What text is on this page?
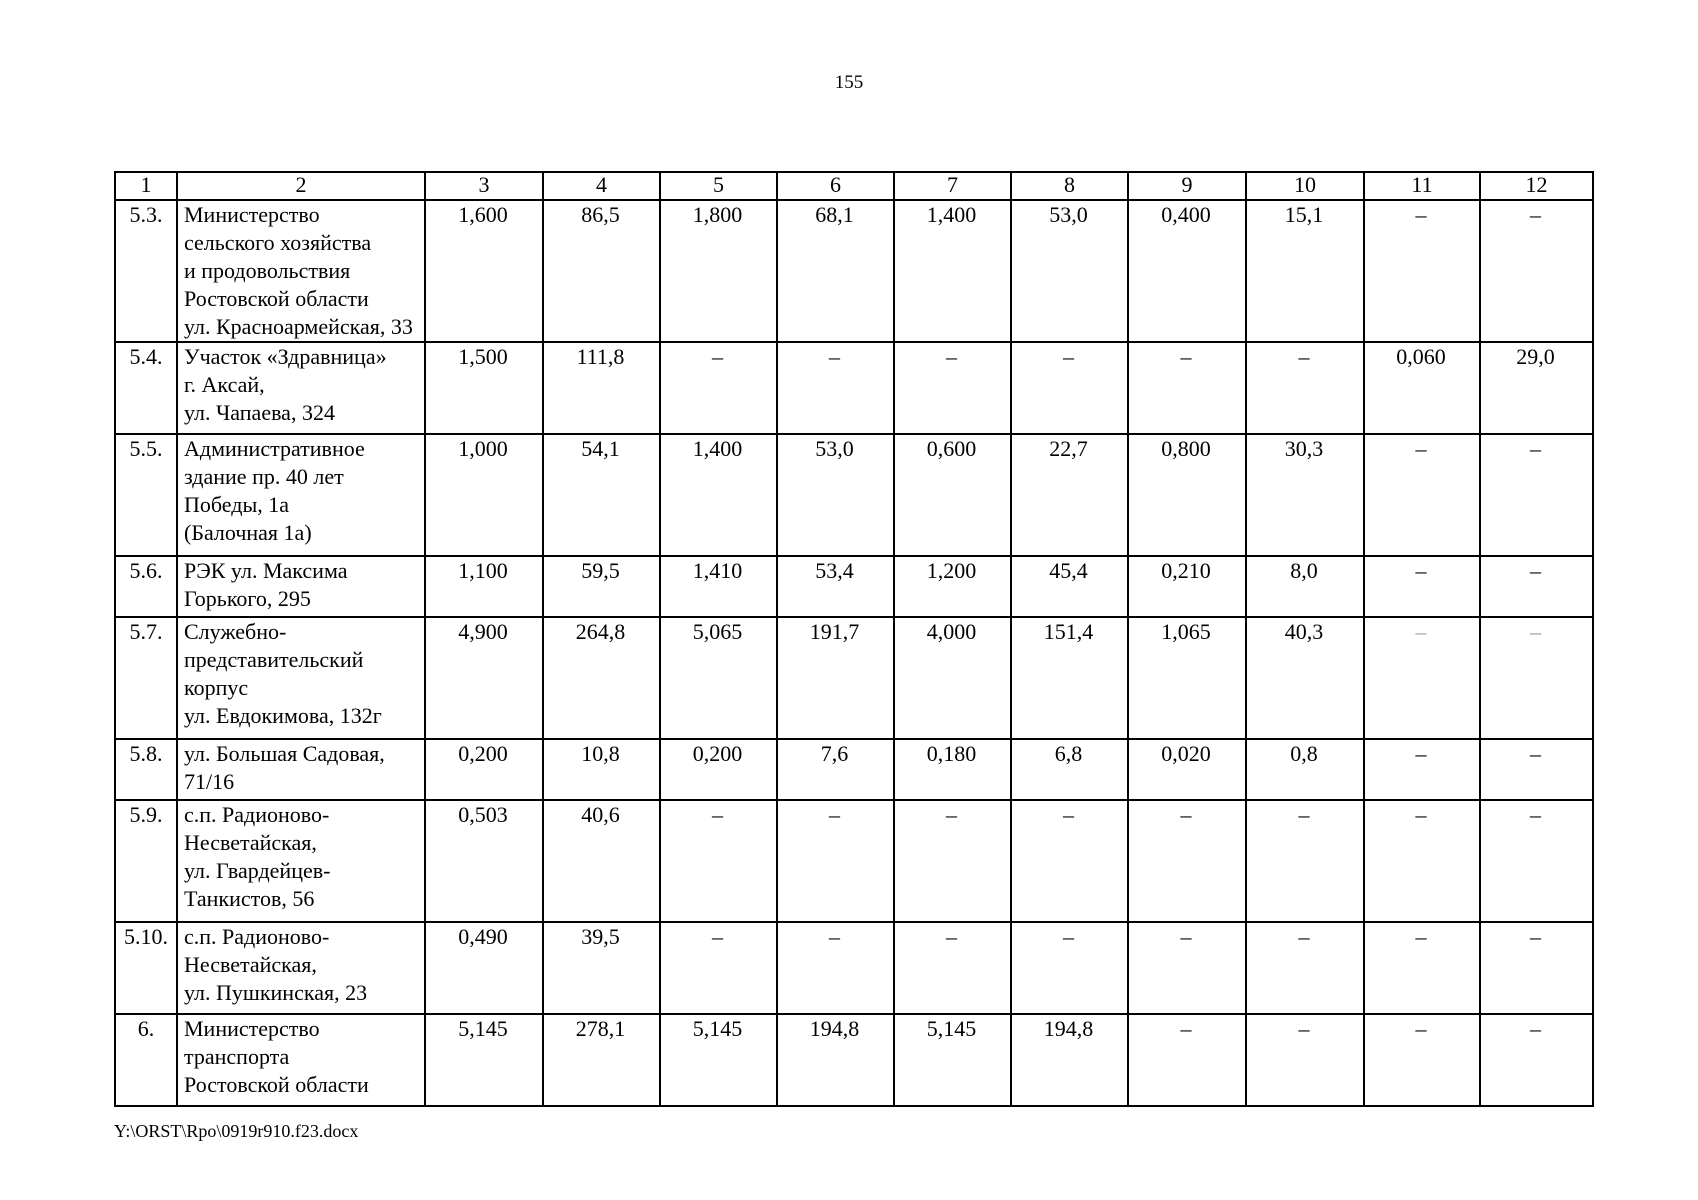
155
1	2	3	4	5	6	7	8	9	10	11	12
5.3.	Министерство
сельского хозяйства
и продовольствия
Ростовской области
ул. Красноармейская, 33	1,600	86,5	1,800	68,1	1,400	53,0	0,400	15,1	–	–
5.4.	Участок «Здравница»
г. Аксай,
ул. Чапаева, 324	1,500	111,8	–	–	–	–	–	–	0,060	29,0
5.5.	Административное
здание пр. 40 лет
Победы, 1а
(Балочная 1а)	1,000	54,1	1,400	53,0	0,600	22,7	0,800	30,3	–	–
5.6.	РЭК ул. Максима
Горького, 295	1,100	59,5	1,410	53,4	1,200	45,4	0,210	8,0	–	–
5.7.	Служебно-
представительский
корпус
ул. Евдокимова, 132г	4,900	264,8	5,065	191,7	4,000	151,4	1,065	40,3	–	–
5.8.	ул. Большая Садовая,
71/16	0,200	10,8	0,200	7,6	0,180	6,8	0,020	0,8	–	–
5.9.	с.п. Радионово-
Несветайская,
ул. Гвардейцев-
Танкистов, 56	0,503	40,6	–	–	–	–	–	–	–	–
5.10.	с.п. Радионово-
Несветайская,
ул. Пушкинская, 23	0,490	39,5	–	–	–	–	–	–	–	–
6.	Министерство
транспорта
Ростовской области	5,145	278,1	5,145	194,8	5,145	194,8	–	–	–	–
Y:\ORST\Rpo\0919r910.f23.docx
